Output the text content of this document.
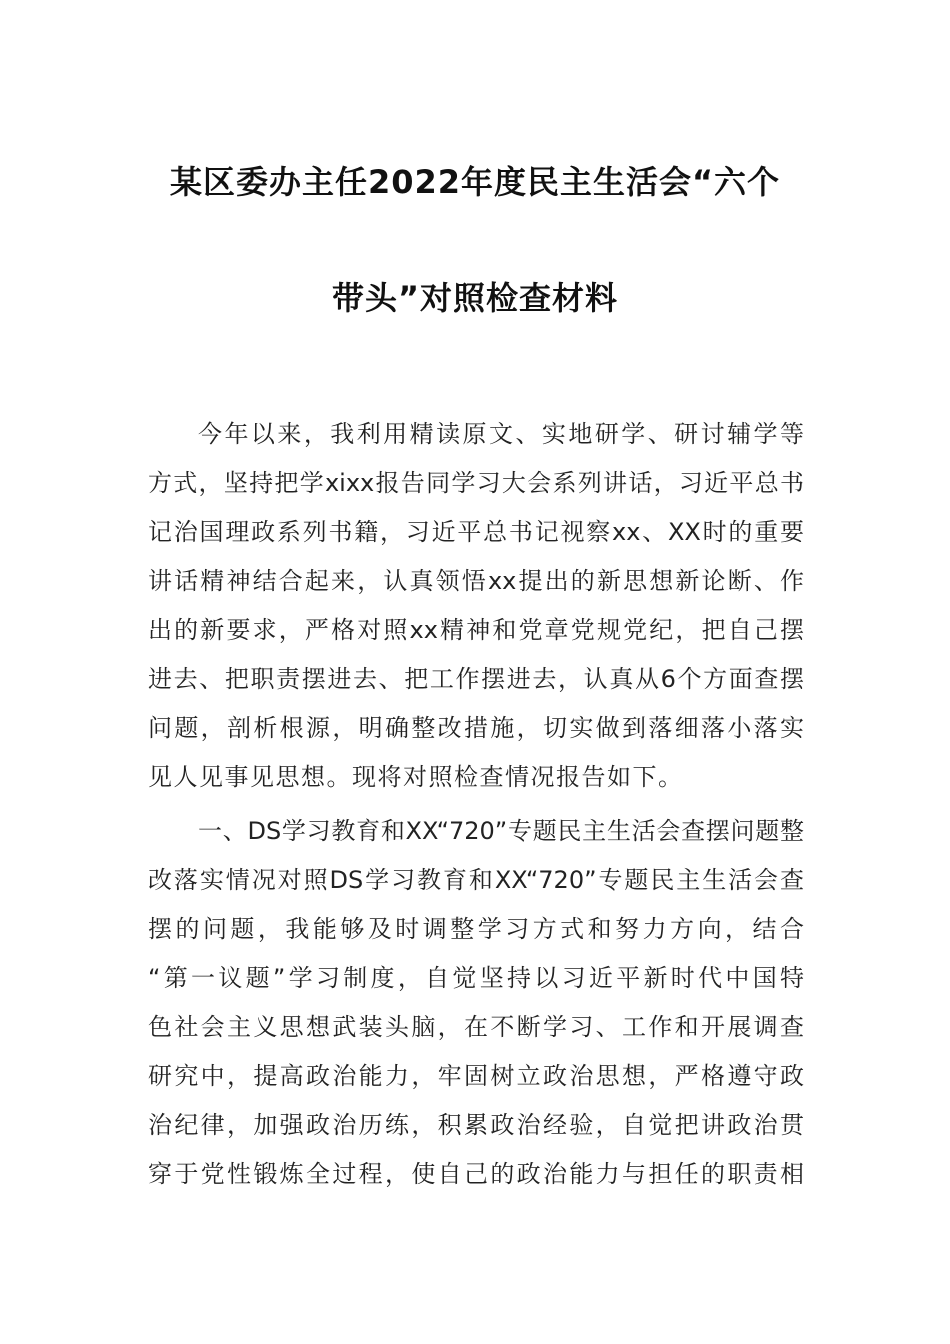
某区委办主任2022年度民主生活会“六个
带头”对照检查材料
今年以来，我利用精读原文、实地研学、研讨辅学等
方式，坚持把学xixx报告同学习大会系列讲话，习近平总书
记治国理政系列书籍，习近平总书记视察xx、XX时的重要
讲话精神结合起来，认真领悟xx提出的新思想新论断、作
出的新要求，严格对照xx精神和党章党规党纪，把自己摆
进去、把职责摆进去、把工作摆进去，认真从6个方面查摆
问题，剖析根源，明确整改措施，切实做到落细落小落实
见人见事见思想。现将对照检查情况报告如下。
一、DS学习教育和XX“720”专题民主生活会查摆问题整
改落实情况对照DS学习教育和XX“720”专题民主生活会查
摆的问题，我能够及时调整学习方式和努力方向，结合
“第一议题”学习制度，自觉坚持以习近平新时代中国特
色社会主义思想武装头脑，在不断学习、工作和开展调查
研究中，提高政治能力，牢固树立政治思想，严格遵守政
治纪律，加强政治历练，积累政治经验，自觉把讲政治贯
穿于党性锻炼全过程，使自己的政治能力与担任的职责相
